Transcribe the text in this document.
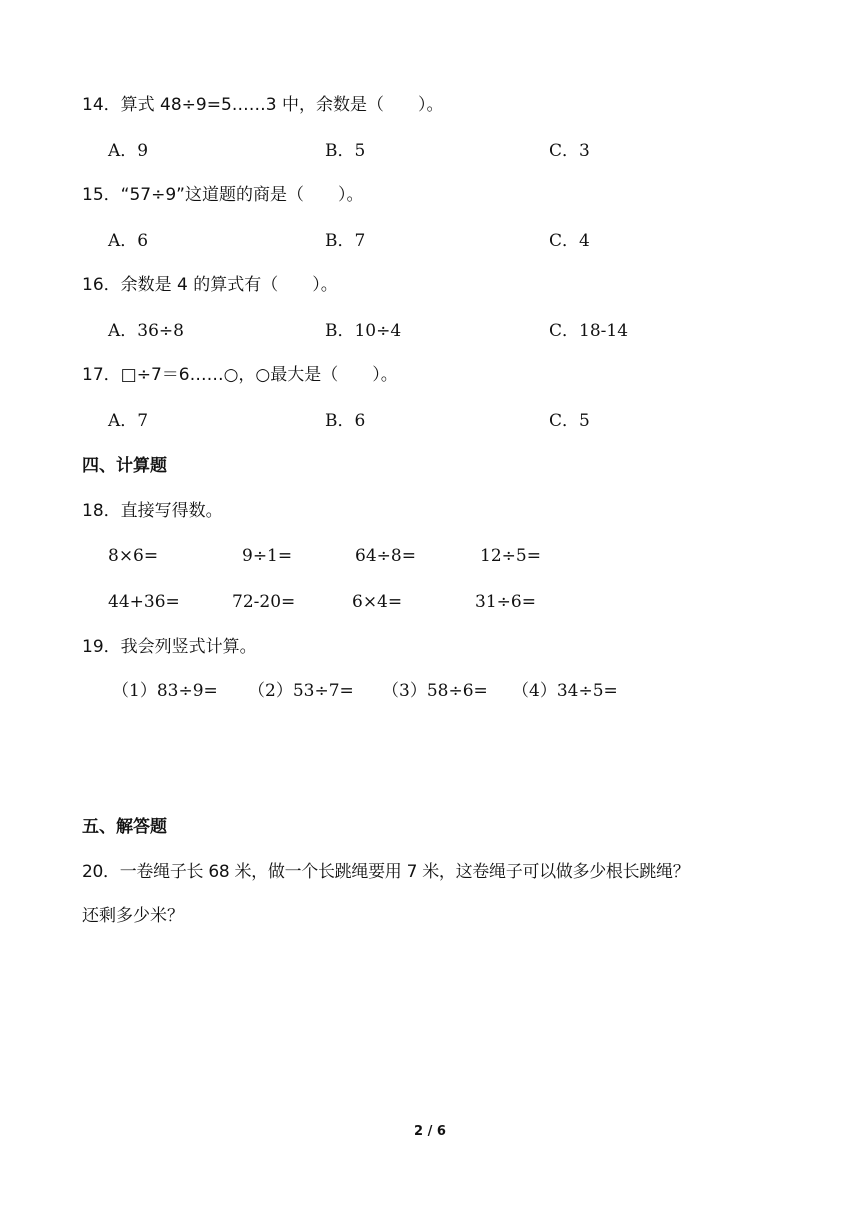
14．算式 48÷9=5……3 中，余数是（　　）。
A．9	B．5	C．3
15．“57÷9”这道题的商是（　　）。
A．6	B．7	C．4
16．余数是 4 的算式有（　　）。
A．36÷8	B．10÷4	C．18-14
17．□÷7＝6……○，○最大是（　　）。
A．7	B．6	C．5
四、计算题
18．直接写得数。
8×6=	9÷1=	64÷8=	12÷5=
44+36=	72-20=	6×4=	31÷6=
19．我会列竖式计算。
（1）83÷9= （2）53÷7= （3）58÷6= （4）34÷5=
五、解答题
20．一卷绳子长 68 米，做一个长跳绳要用 7 米，这卷绳子可以做多少根长跳绳？
还剩多少米？
2 / 6
